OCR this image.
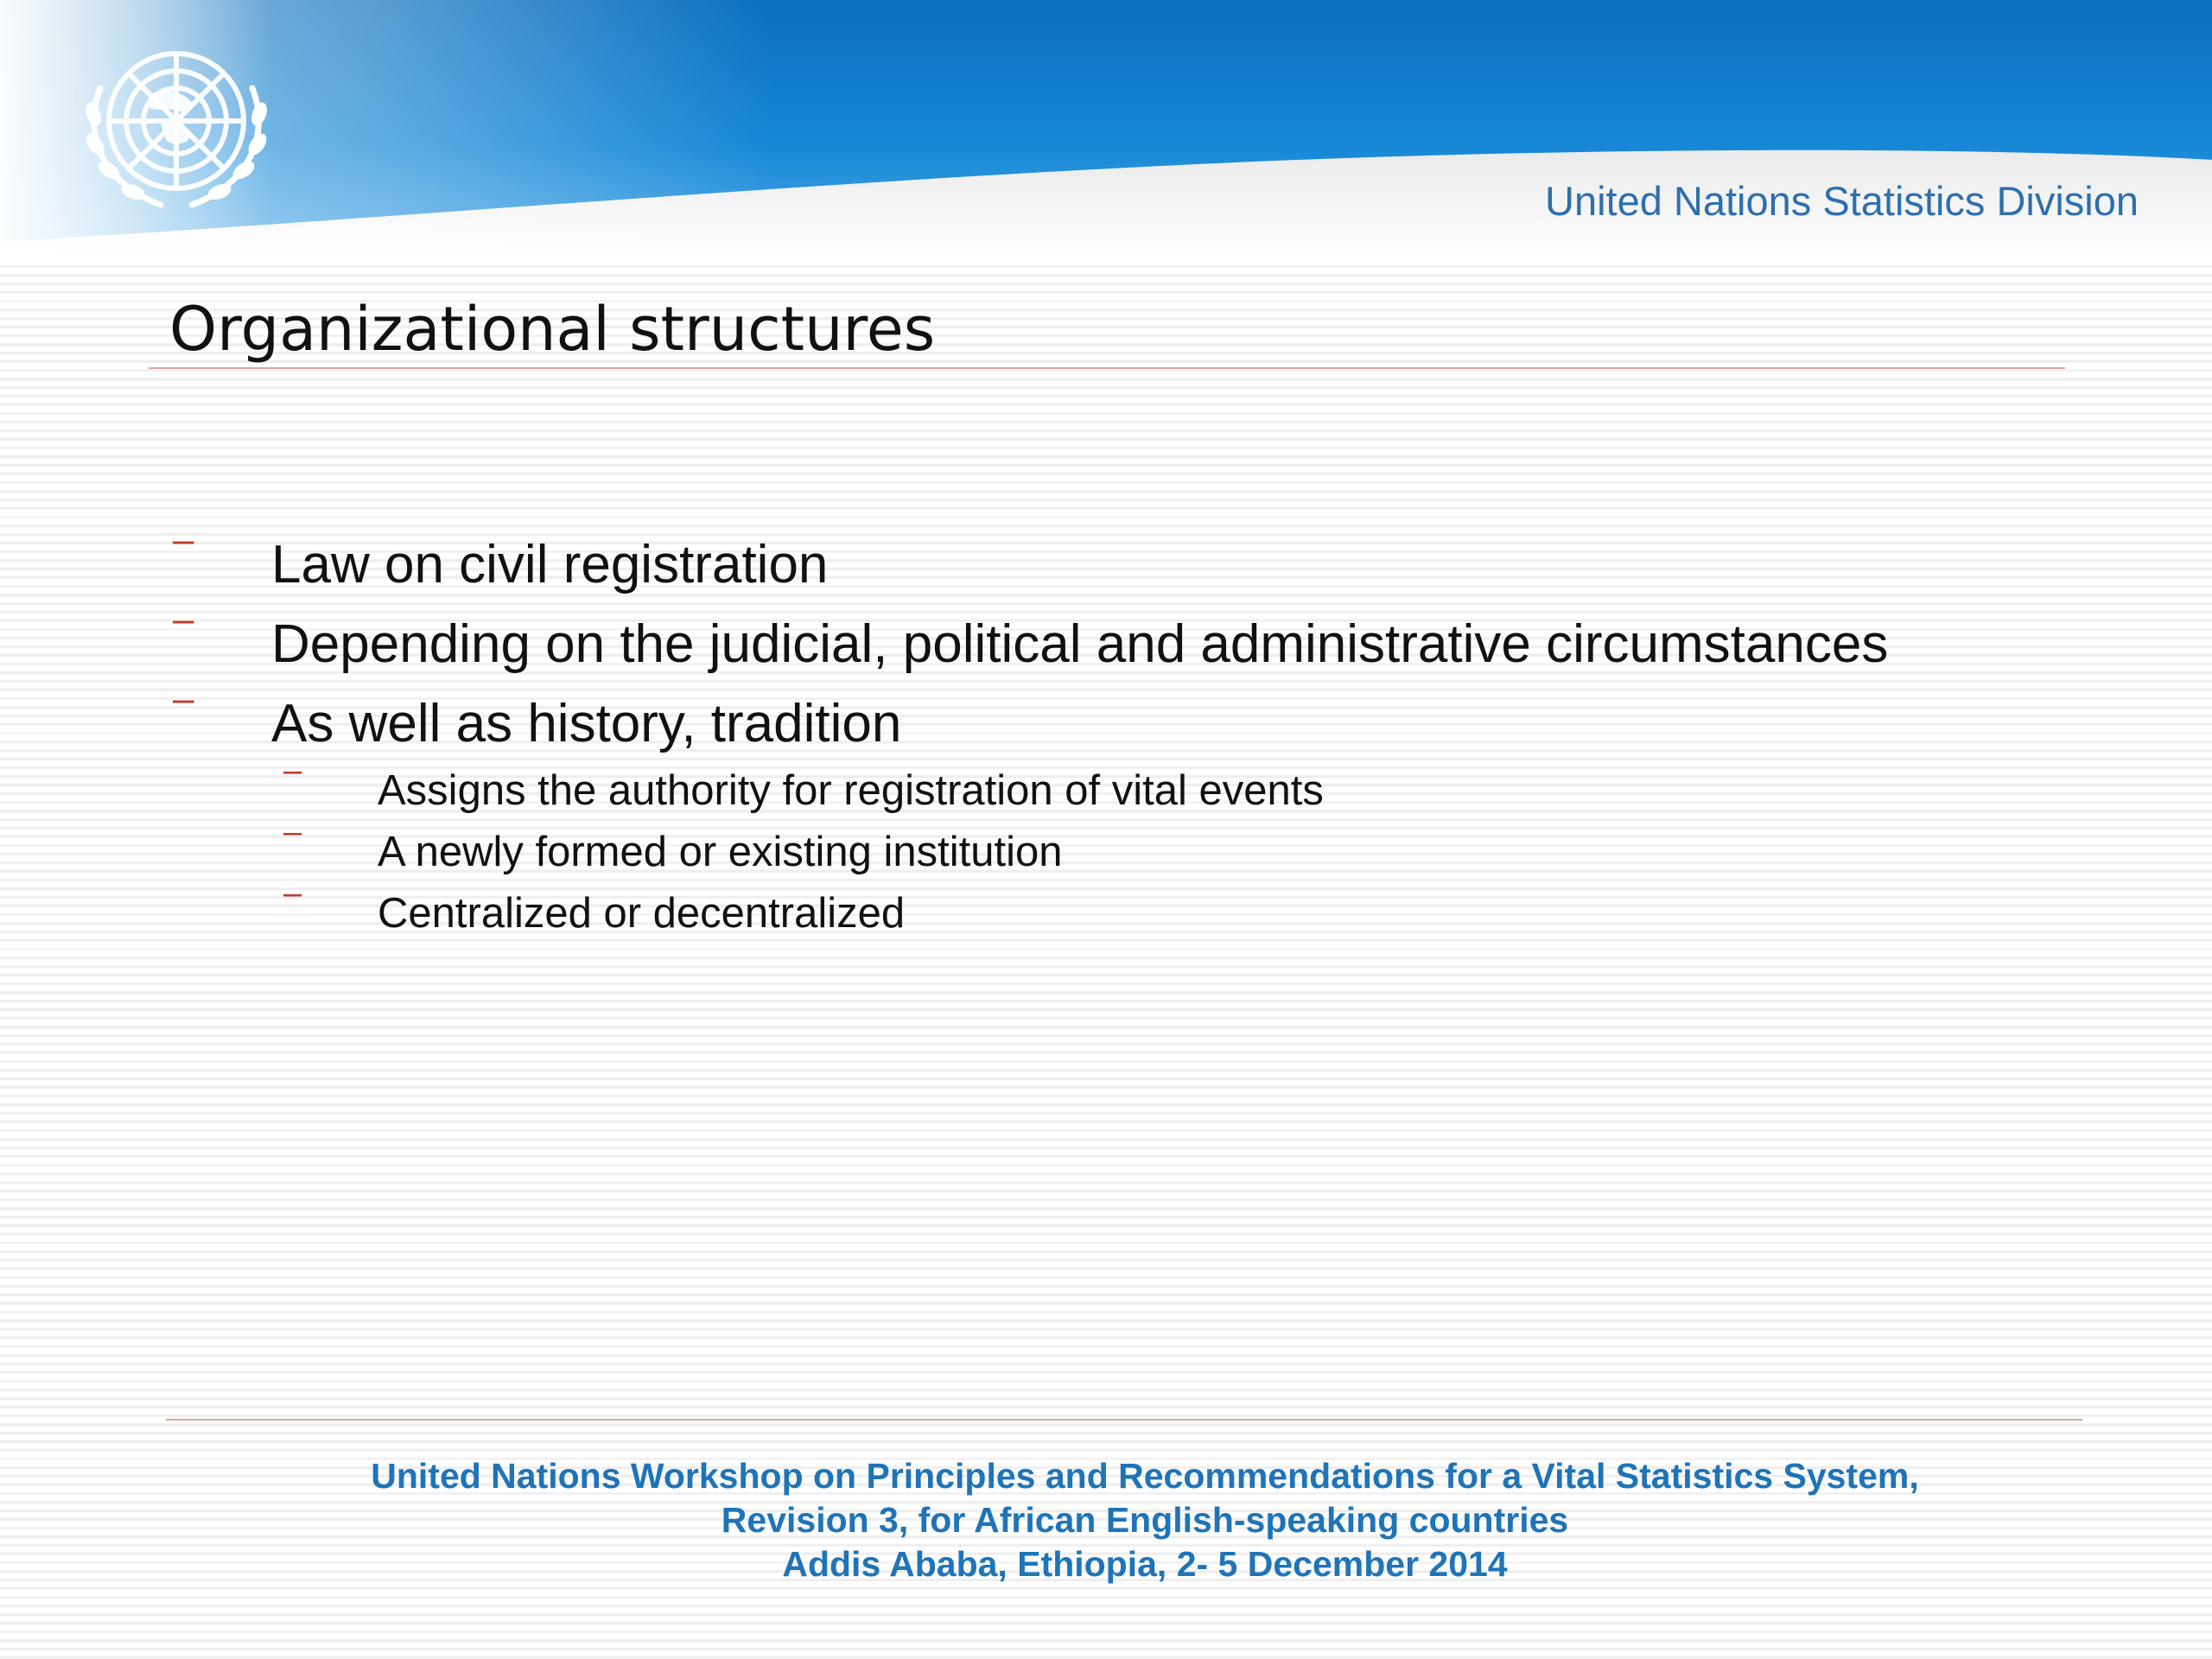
United Nations Statistics Division
Organizational structures
– Law on civil registration
– Depending on the judicial, political and administrative circumstances
– As well as history, tradition
– Assigns the authority for registration of vital events
– A newly formed or existing institution
– Centralized or decentralized
United Nations Workshop on Principles and Recommendations for a Vital Statistics System,
Revision 3, for African English-speaking countries
Addis Ababa, Ethiopia, 2- 5 December 2014
